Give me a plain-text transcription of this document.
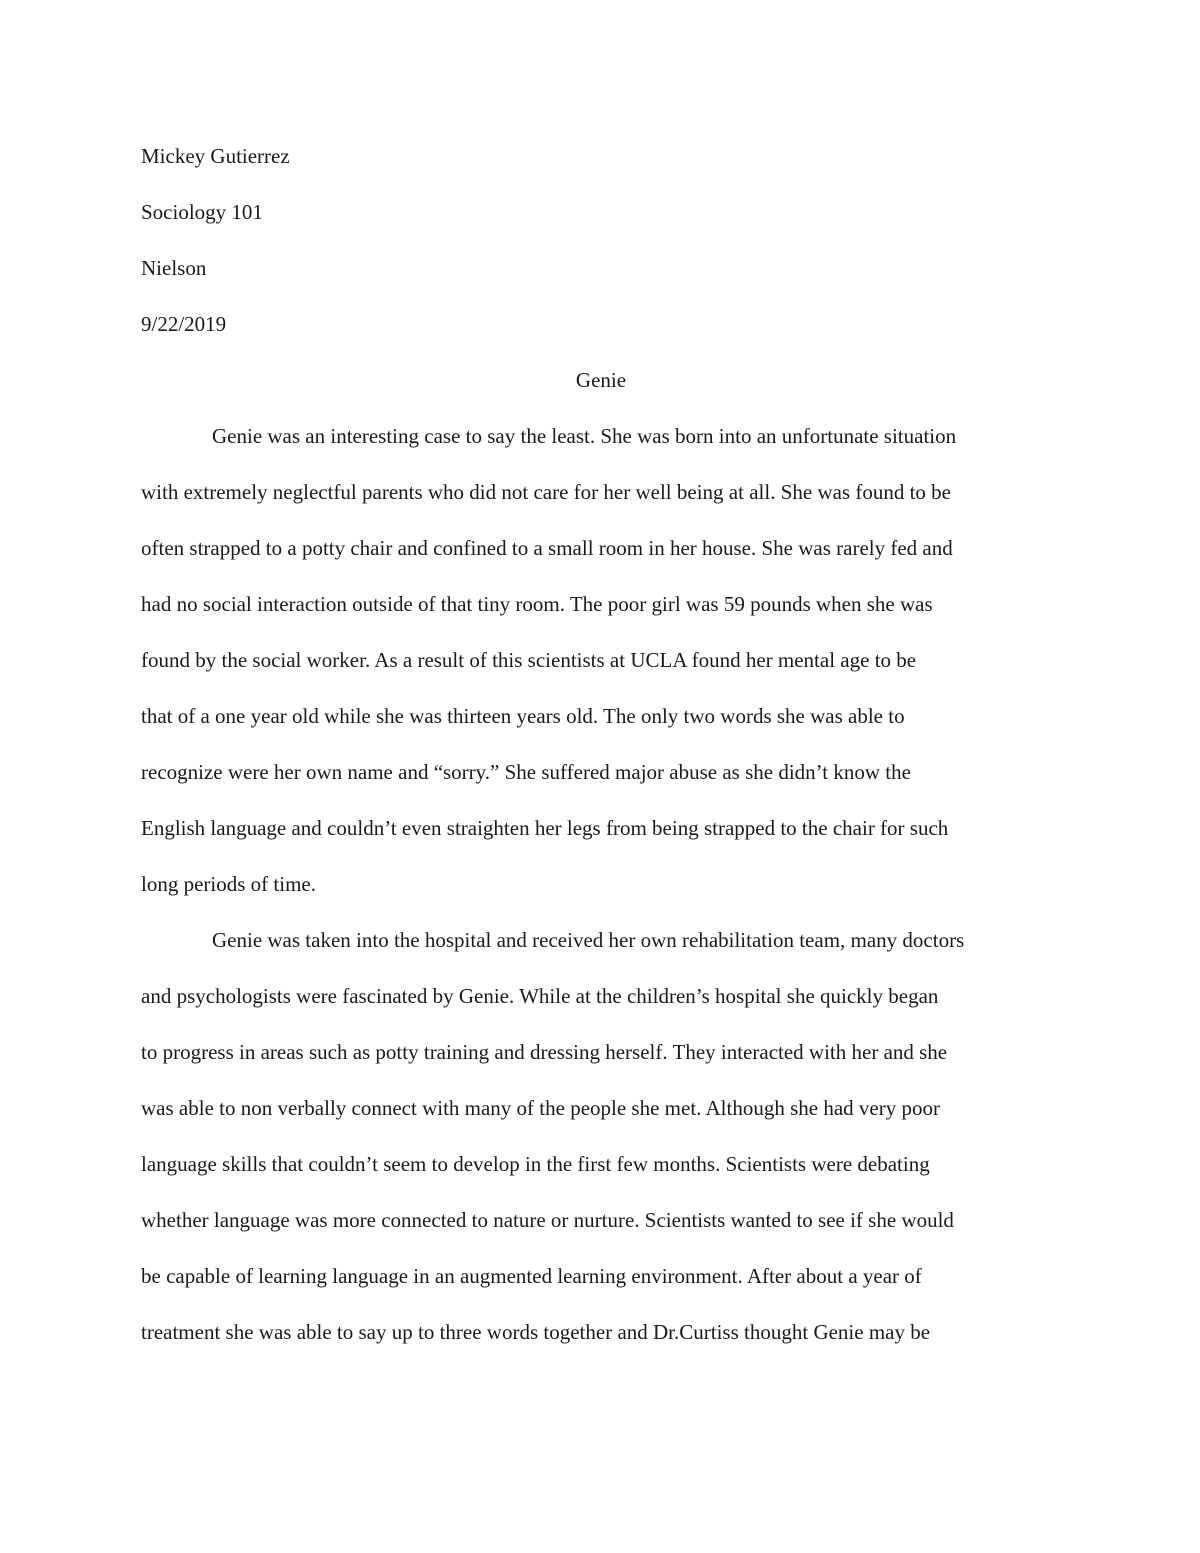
Mickey Gutierrez

Sociology 101

Nielson

9/22/2019

Genie

Genie was an interesting case to say the least. She was born into an unfortunate situation

with extremely neglectful parents who did not care for her well being at all. She was found to be

often strapped to a potty chair and confined to a small room in her house. She was rarely fed and

had no social interaction outside of that tiny room. The poor girl was 59 pounds when she was

found by the social worker. As a result of this scientists at UCLA found her mental age to be

that of a one year old while she was thirteen years old. The only two words she was able to

recognize were her own name and “sorry.” She suffered major abuse as she didn’t know the

English language and couldn’t even straighten her legs from being strapped to the chair for such

long periods of time.

Genie was taken into the hospital and received her own rehabilitation team, many doctors

and psychologists were fascinated by Genie. While at the children’s hospital she quickly began

to progress in areas such as potty training and dressing herself. They interacted with her and she

was able to non verbally connect with many of the people she met. Although she had very poor

language skills that couldn’t seem to develop in the first few months. Scientists were debating

whether language was more connected to nature or nurture. Scientists wanted to see if she would

be capable of learning language in an augmented learning environment. After about a year of

treatment she was able to say up to three words together and Dr.Curtiss thought Genie may be
